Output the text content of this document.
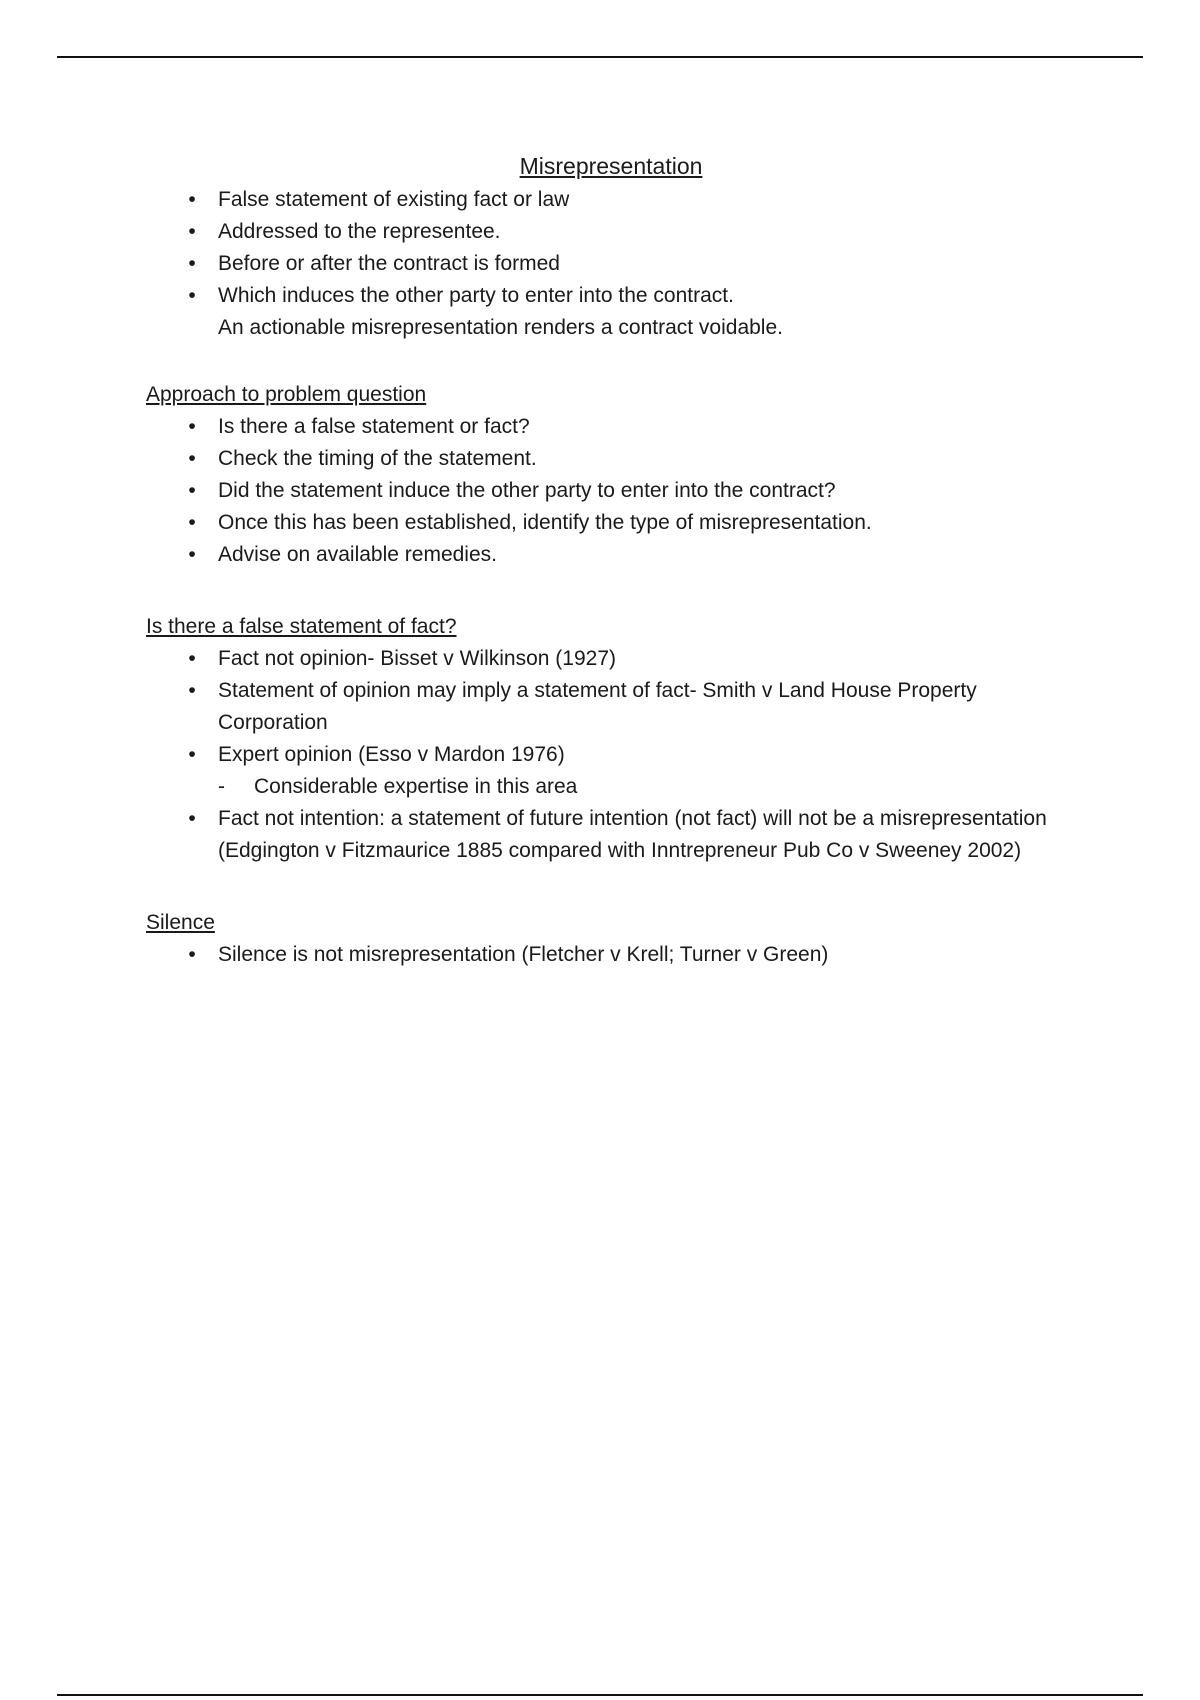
Misrepresentation

•	False statement of existing fact or law
•	Addressed to the representee.
•	Before or after the contract is formed
•	Which induces the other party to enter into the contract.
An actionable misrepresentation renders a contract voidable.

Approach to problem question

•	Is there a false statement or fact?
•	Check the timing of the statement.
•	Did the statement induce the other party to enter into the contract?
•	Once this has been established, identify the type of misrepresentation.
•	Advise on available remedies.

Is there a false statement of fact?

•	Fact not opinion- Bisset v Wilkinson (1927)
•	Statement of opinion may imply a statement of fact- Smith v Land House Property Corporation
•	Expert opinion (Esso v Mardon 1976)
- Considerable expertise in this area
•	Fact not intention: a statement of future intention (not fact) will not be a misrepresentation (Edgington v Fitzmaurice 1885 compared with Inntrepreneur Pub Co v Sweeney 2002)

Silence

•	Silence is not misrepresentation (Fletcher v Krell; Turner v Green)
